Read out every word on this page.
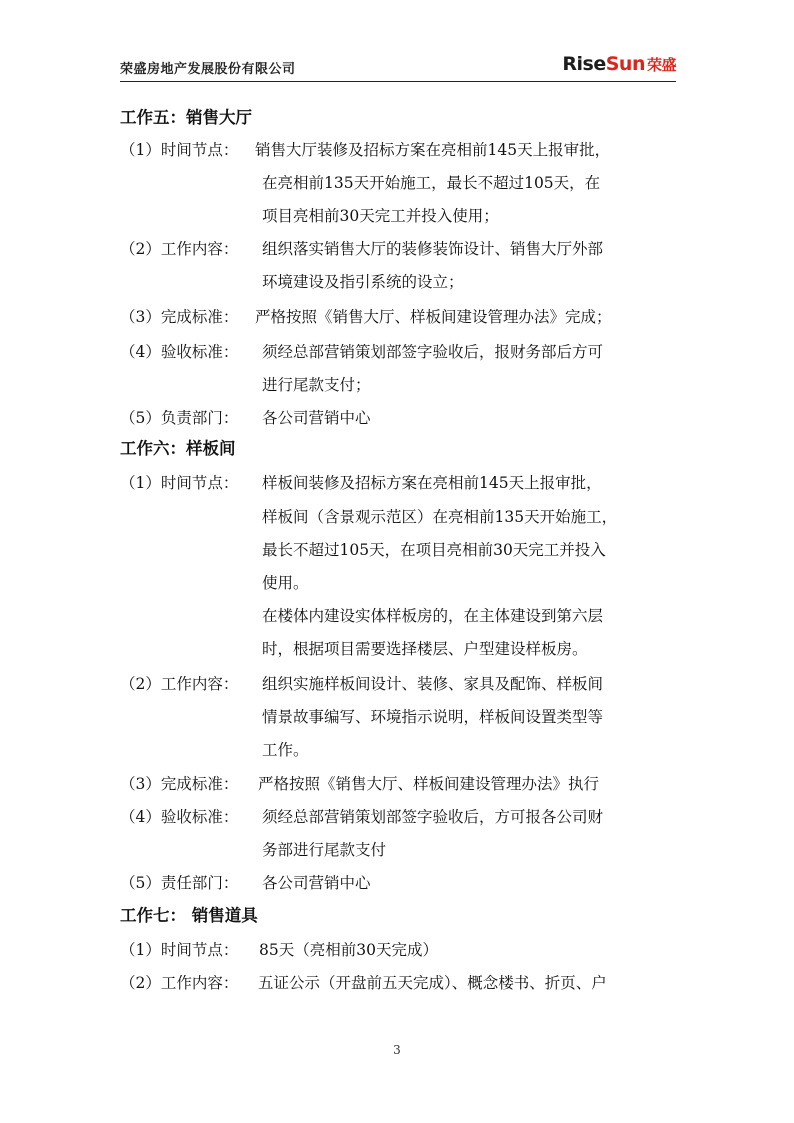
荣盛房地产发展股份有限公司	RiseSun 荣盛
工作五：销售大厅
（1）时间节点： 销售大厅装修及招标方案在亮相前145天上报审批，
在亮相前135天开始施工，最长不超过105天，在
项目亮相前30天完工并投入使用；
（2）工作内容： 组织落实销售大厅的装修装饰设计、销售大厅外部
环境建设及指引系统的设立；
（3）完成标准： 严格按照《销售大厅、样板间建设管理办法》完成；
（4）验收标准： 须经总部营销策划部签字验收后，报财务部后方可
进行尾款支付；
（5）负责部门： 各公司营销中心
工作六：样板间
（1）时间节点： 样板间装修及招标方案在亮相前145天上报审批，
样板间（含景观示范区）在亮相前135天开始施工，
最长不超过105天，在项目亮相前30天完工并投入
使用。
在楼体内建设实体样板房的，在主体建设到第六层
时，根据项目需要选择楼层、户型建设样板房。
（2）工作内容： 组织实施样板间设计、装修、家具及配饰、样板间
情景故事编写、环境指示说明，样板间设置类型等
工作。
（3）完成标准： 严格按照《销售大厅、样板间建设管理办法》执行
（4）验收标准： 须经总部营销策划部签字验收后，方可报各公司财
务部进行尾款支付
（5）责任部门： 各公司营销中心
工作七： 销售道具
（1）时间节点： 85天（亮相前30天完成）
（2）工作内容： 五证公示（开盘前五天完成）、概念楼书、折页、户
3
